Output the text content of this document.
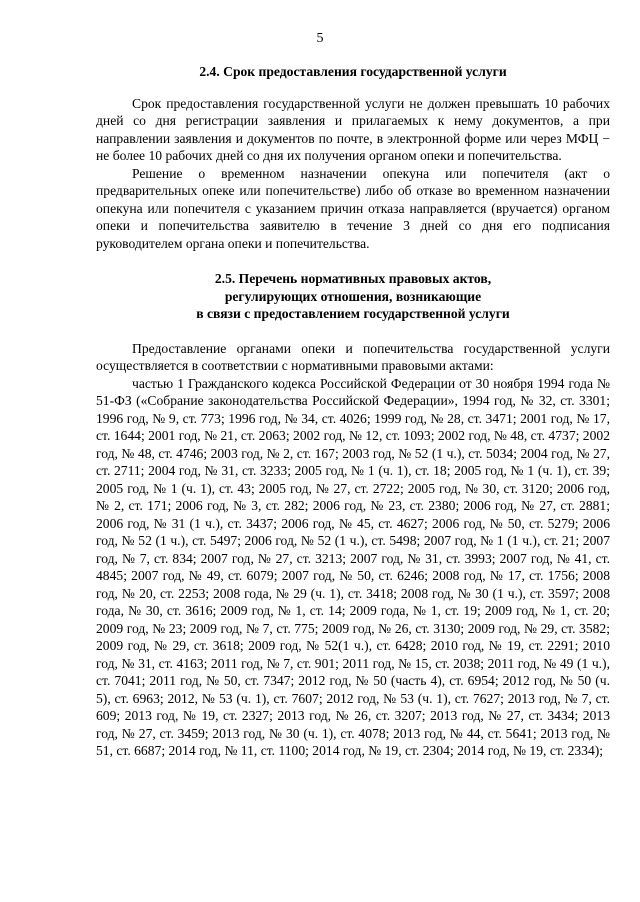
5
2.4. Срок предоставления государственной услуги

Срок предоставления государственной услуги не должен превышать 10 рабочих дней со дня регистрации заявления и прилагаемых к нему документов, а при направлении заявления и документов по почте, в электронной форме или через МФЦ − не более 10 рабочих дней со дня их получения органом опеки и попечительства.

Решение о временном назначении опекуна или попечителя (акт о предварительных опеке или попечительстве) либо об отказе во временном назначении опекуна или попечителя с указанием причин отказа направляется (вручается) органом опеки и попечительства заявителю в течение 3 дней со дня его подписания руководителем органа опеки и попечительства.

2.5. Перечень нормативных правовых актов,
регулирующих отношения, возникающие
в связи с предоставлением государственной услуги

Предоставление органами опеки и попечительства государственной услуги осуществляется в соответствии с нормативными правовыми актами:

частью 1 Гражданского кодекса Российской Федерации от 30 ноября 1994 года № 51-ФЗ («Собрание законодательства Российской Федерации», 1994 год, № 32, ст. 3301; 1996 год, № 9, ст. 773; 1996 год, № 34, ст. 4026; 1999 год, № 28, ст. 3471; 2001 год, № 17, ст. 1644; 2001 год, № 21, ст. 2063; 2002 год, № 12, ст. 1093; 2002 год, № 48, ст. 4737; 2002 год, № 48, ст. 4746; 2003 год, № 2, ст. 167; 2003 год, № 52 (1 ч.), ст. 5034; 2004 год, № 27, ст. 2711; 2004 год, № 31, ст. 3233; 2005 год, № 1 (ч. 1), ст. 18; 2005 год, № 1 (ч. 1), ст. 39; 2005 год, № 1 (ч. 1), ст. 43; 2005 год, № 27, ст. 2722; 2005 год, № 30, ст. 3120; 2006 год, № 2, ст. 171; 2006 год, № 3, ст. 282; 2006 год, № 23, ст. 2380; 2006 год, № 27, ст. 2881; 2006 год, № 31 (1 ч.), ст. 3437; 2006 год, № 45, ст. 4627; 2006 год, № 50, ст. 5279; 2006 год, № 52 (1 ч.), ст. 5497; 2006 год, № 52 (1 ч.), ст. 5498; 2007 год, № 1 (1 ч.), ст. 21; 2007 год, № 7, ст. 834; 2007 год, № 27, ст. 3213; 2007 год, № 31, ст. 3993; 2007 год, № 41, ст. 4845; 2007 год, № 49, ст. 6079; 2007 год, № 50, ст. 6246; 2008 год, № 17, ст. 1756; 2008 год, № 20, ст. 2253; 2008 года, № 29 (ч. 1), ст. 3418; 2008 год, № 30 (1 ч.), ст. 3597; 2008 года, № 30, ст. 3616; 2009 год, № 1, ст. 14; 2009 года, № 1, ст. 19; 2009 год, № 1, ст. 20; 2009 год, № 23; 2009 год, № 7, ст. 775; 2009 год, № 26, ст. 3130; 2009 год, № 29, ст. 3582; 2009 год, № 29, ст. 3618; 2009 год, № 52(1 ч.), ст. 6428; 2010 год, № 19, ст. 2291; 2010 год, № 31, ст. 4163; 2011 год, № 7, ст. 901; 2011 год, № 15, ст. 2038; 2011 год, № 49 (1 ч.), ст. 7041; 2011 год, № 50, ст. 7347; 2012 год, № 50 (часть 4), ст. 6954; 2012 год, № 50 (ч. 5), ст. 6963; 2012, № 53 (ч. 1), ст. 7607; 2012 год, № 53 (ч. 1), ст. 7627; 2013 год, № 7, ст. 609; 2013 год, № 19, ст. 2327; 2013 год, № 26, ст. 3207; 2013 год, № 27, ст. 3434; 2013 год, № 27, ст. 3459; 2013 год, № 30 (ч. 1), ст. 4078; 2013 год, № 44, ст. 5641; 2013 год, № 51, ст. 6687; 2014 год, № 11, ст. 1100; 2014 год, № 19, ст. 2304; 2014 год, № 19, ст. 2334);
